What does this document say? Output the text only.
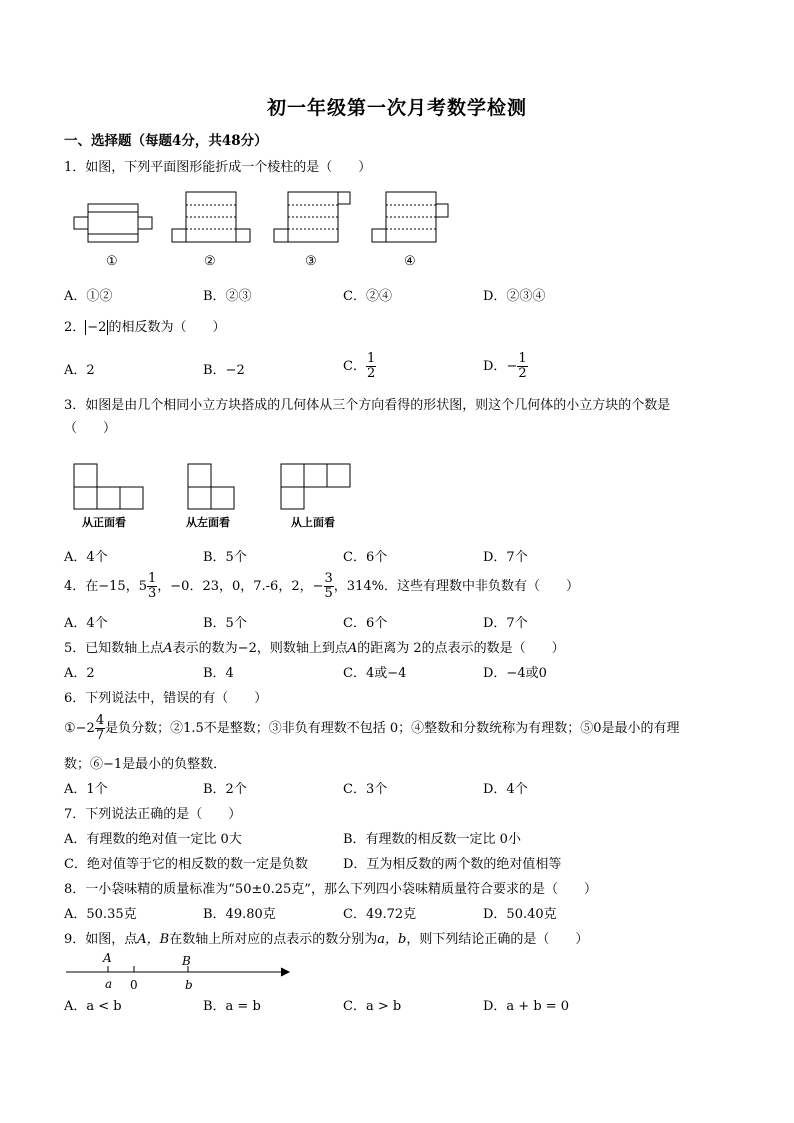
初一年级第一次月考数学检测
一、选择题（每题4分，共48分）
1．如图，下列平面图形能折成一个棱柱的是（　　）
①	②	③	④
A．①②	B．②③	C．②④	D．②③④
2． −2 的相反数为（　　）
A．2	B．−2	C． $\frac{1}{2}$	D． − $\frac{1}{2}$
3．如图是由几个相同小立方块搭成的几何体从三个方向看得的形状图，则这个几何体的小立方块的个数是
（　　）
从正面看	从左面看	从上面看
A．4个	B．5个	C．6个	D．7个
4．在−15， $5 \frac{1}{3}$ ，−0．23，0，7.-6，2， − $\frac{3}{5}$ ，314%．这些有理数中非负数有（　　）
A．4个	B．5个	C．6个	D．7个
5．已知数轴上点A表示的数为−2，则数轴上到点A的距离为 2的点表示的数是（　　）
A．2	B．4	C．4或−4	D．−4或0
6．下列说法中，错误的有（　　）
①−2 $\frac{4}{7}$ 是负分数；②1.5不是整数；③非负有理数不包括 0；④整数和分数统称为有理数；⑤0是最小的有理
数；⑥−1是最小的负整数．
A．1个	B．2个	C．3个	D．4个
7．下列说法正确的是（　　）
A．有理数的绝对值一定比 0大	B．有理数的相反数一定比 0小
C．绝对值等于它的相反数的数一定是负数	D．互为相反数的两个数的绝对值相等
8．一小袋味精的质量标准为“50±0.25克”，那么下列四小袋味精质量符合要求的是（　　）
A．50.35克	B．49.80克	C．49.72克	D．50.40克
9．如图，点A，B在数轴上所对应的点表示的数分别为a，b，则下列结论正确的是（　　）
A	B
a 0	b
A．a < b	B．a = b	C．a > b	D．a + b = 0
